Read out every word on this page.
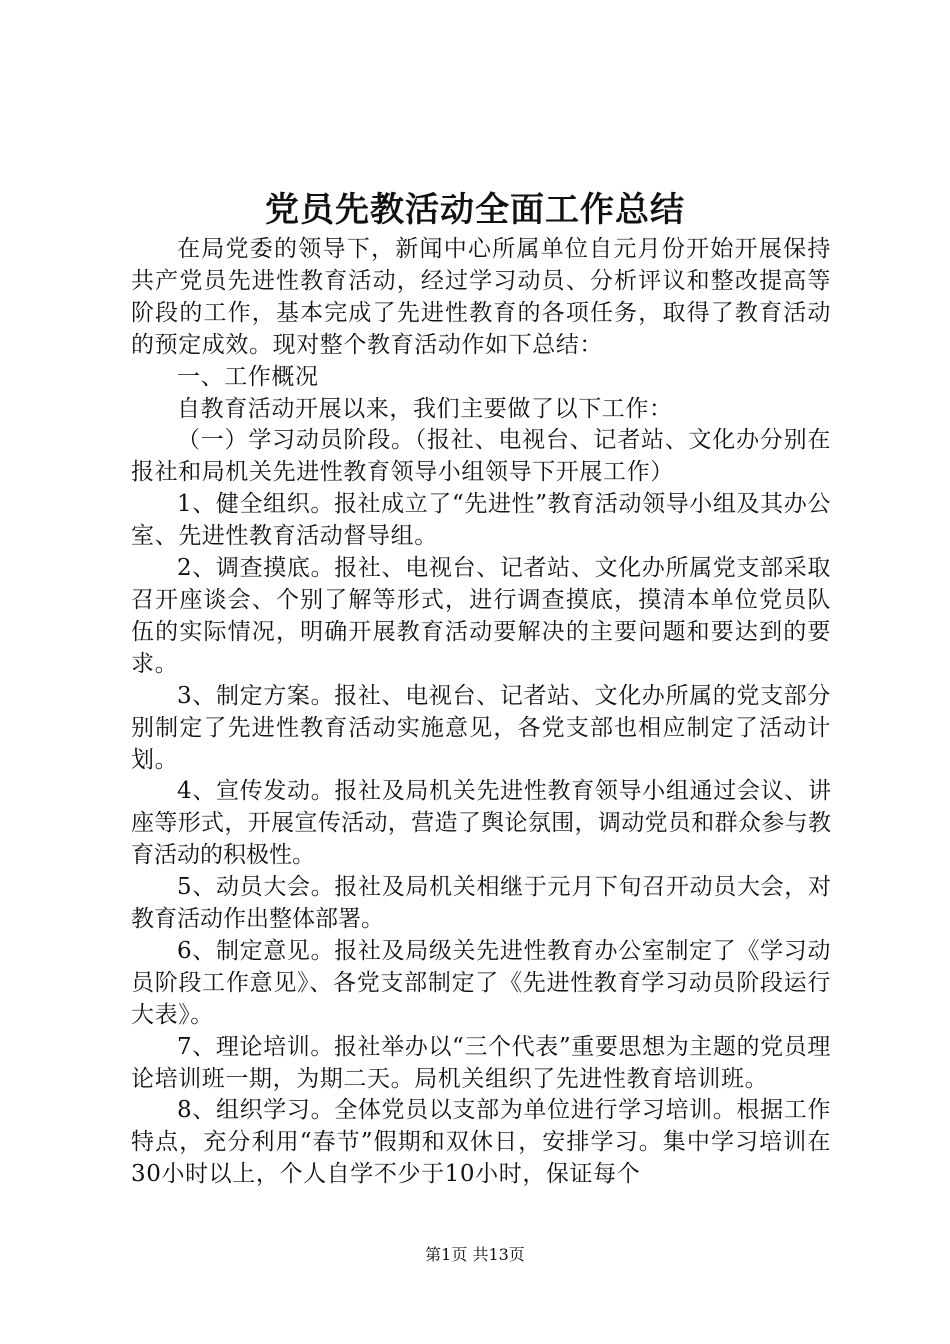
党员先教活动全面工作总结

在局党委的领导下，新闻中心所属单位自元月份开始开展保持共产党员先进性教育活动，经过学习动员、分析评议和整改提高等阶段的工作，基本完成了先进性教育的各项任务，取得了教育活动的预定成效。现对整个教育活动作如下总结：

一、工作概况

自教育活动开展以来，我们主要做了以下工作：

（一）学习动员阶段。（报社、电视台、记者站、文化办分别在报社和局机关先进性教育领导小组领导下开展工作）

1、健全组织。报社成立了“先进性”教育活动领导小组及其办公室、先进性教育活动督导组。

2、调查摸底。报社、电视台、记者站、文化办所属党支部采取召开座谈会、个别了解等形式，进行调查摸底，摸清本单位党员队伍的实际情况，明确开展教育活动要解决的主要问题和要达到的要求。

3、制定方案。报社、电视台、记者站、文化办所属的党支部分别制定了先进性教育活动实施意见，各党支部也相应制定了活动计划。

4、宣传发动。报社及局机关先进性教育领导小组通过会议、讲座等形式，开展宣传活动，营造了舆论氛围，调动党员和群众参与教育活动的积极性。

5、动员大会。报社及局机关相继于元月下旬召开动员大会，对教育活动作出整体部署。

6、制定意见。报社及局级关先进性教育办公室制定了《学习动员阶段工作意见》、各党支部制定了《先进性教育学习动员阶段运行大表》。

7、理论培训。报社举办以“三个代表”重要思想为主题的党员理论培训班一期，为期二天。局机关组织了先进性教育培训班。

8、组织学习。全体党员以支部为单位进行学习培训。根据工作特点，充分利用“春节”假期和双休日，安排学习。集中学习培训在30小时以上，个人自学不少于10小时，保证每个

第1页 共13页
